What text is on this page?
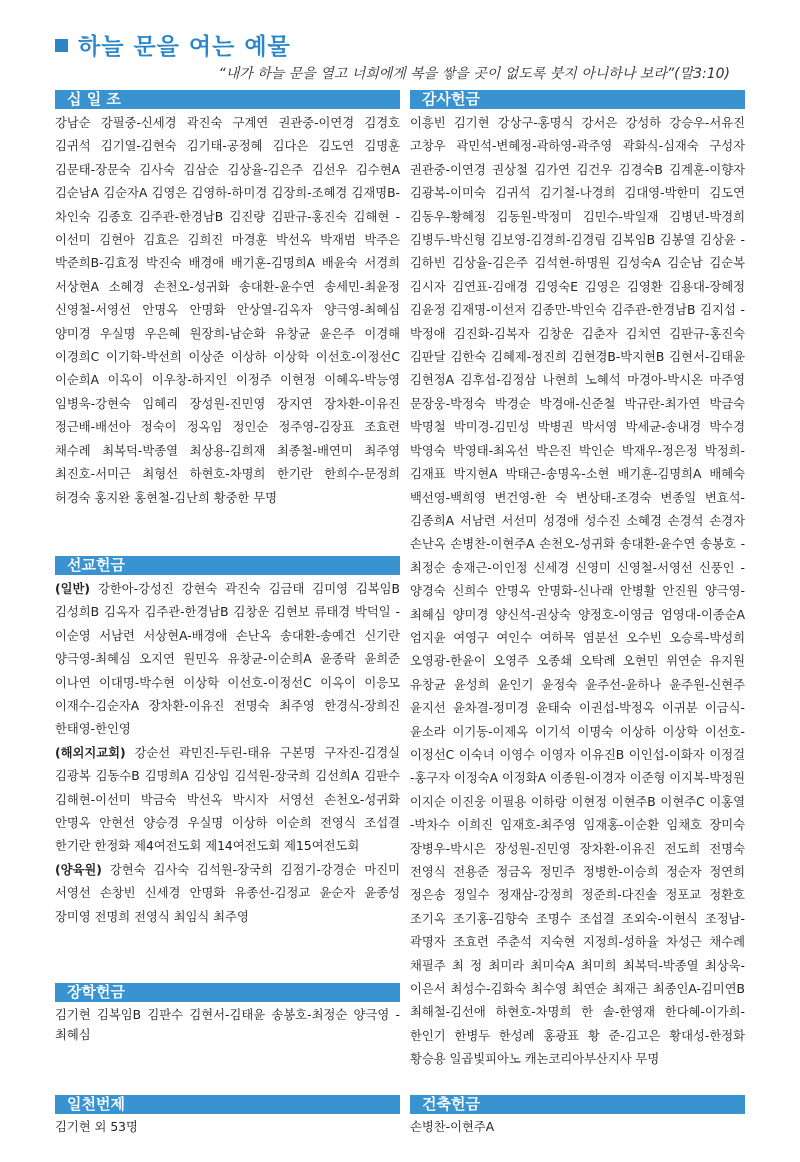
하늘 문을 여는 예물
“내가 하늘 문을 열고 너희에게 복을 쌓을 곳이 없도록 붓지 아니하나 보라”(말3:10)
십 일 조
강남순 강필중-신세경 곽진숙 구계연 권관중-이연경 김경호 김귀석 김기열-김현숙 김기태-공정혜 김다은 김도연 김명훈 김문태-장문숙 김사숙 김삼순 김상율-김은주 김선우 김수현A 김순남A 김순자A 김영은 김영하-하미경 김장희-조혜경 김재명B-차인숙 김종호 김주관-한경남B 김진량 김판규-홍진숙 김해현 -이선미 김현아 김효은 김희진 마경훈 박선옥 박재범 박주은 박준희B-김효정 박진숙 배경애 배기훈-김명희A 배윤숙 서경희 서상현A 소혜경 손천오-성귀화 송대환-윤수연 송세민-최윤정 신영철-서영선 안명옥 안명화 안상열-김옥자 양극영-최혜심 양미경 우실명 우은혜 원장희-남순화 유창균 윤은주 이경해 이경희C 이기학-박선희 이상준 이상하 이상학 이선호-이정선C 이순희A 이옥이 이우창-하지인 이정주 이현정 이혜옥-박능영 임병욱-강현숙 임혜리 장성원-진민영 장지연 장차환-이유진 정근배-배선아 정숙이 정옥임 정인순 정주영-김장표 조효련 채수례 최복덕-박종열 최상용-김희재 최종철-배연미 최주영 최진호-서미근 최형선 하현호-차명희 한기란 한희수-문정희 허경숙 홍지완 홍현철-김난희 황중한 무명
선교헌금
(일반) 강한아-강성진 강현숙 곽진숙 김금태 김미영 김복임B 김성희B 김옥자 김주관-한경남B 김창운 김현보 류태경 박덕일 -이순영 서남련 서상현A-배경애 손난옥 송대환-송예건 신기란 양극영-최혜심 오지연 원민옥 유창균-이순희A 윤종락 윤희준 이나연 이대명-박수현 이상학 이선호-이정선C 이옥이 이응모 이재수-김순자A 장차환-이유진 전명숙 최주영 한경식-장희진 한태영-한인영
(해외지교회) 강순선 곽민진-두린-태유 구본명 구자진-김경실 김광복 김동수B 김명희A 김상임 김석원-장국희 김선희A 김판수 김해현-이선미 박금숙 박선옥 박시자 서영선 손천오-성귀화 안명옥 안현선 양승경 우실명 이상하 이순희 전영식 조섭결 한기란 한정화 제4여전도회 제14여전도회 제15여전도회
(양육원) 강현숙 김사숙 김석원-장국희 김점기-강경순 마진미 서영선 손창빈 신세경 안명화 유종선-김정교 윤순자 윤종성 장미영 전명희 전영식 최임식 최주영
장학헌금
김기현 김복임B 김판수 김현서-김태윤 송봉호-최정순 양극영 -최혜심
일천번제
김기현 외 53명
감사헌금
이흥빈 김기현 강상구-홍명식 강서은 강성하 강승우-서유진 고창우 곽민석-변혜정-곽하영-곽주영 곽화식-심재숙 구성자 권관중-이연경 권상철 김가연 김건우 김경숙B 김계훈-이향자 김광복-이미숙 김귀석 김기철-나경희 김대영-박한미 김도연 김동우-황혜정 김동원-박정미 김민수-박일재 김병년-박경희 김병두-박신형 김보영-김경희-김경림 김복임B 김봉열 김상윤 -김하빈 김상율-김은주 김석현-하명원 김성숙A 김순남 김순복 김시자 김연표-김애경 김영숙E 김영은 김영환 김용대-장혜정 김윤정 김재명-이선저 김종만-박인숙 김주관-한경남B 김지섭 -박정애 김진화-김복자 김창운 김춘자 김치연 김판규-홍진숙 김판달 김한숙 김혜제-정진희 김현경B-박지현B 김현서-김태윤 김현정A 김후섭-김정삼 나현희 노혜석 마경아-박시온 마주영 문장웅-박정숙 박경순 박경애-신준철 박규란-최가연 박금숙 박명철 박미경-김민성 박병권 박서영 박세균-송내경 박수경 박영숙 박영태-최옥선 박은진 박인순 박재우-정은정 박정희-김재표 박지현A 박태근-송명옥-소현 배기훈-김명희A 배혜숙 백선영-백희영 변건영-한 숙 변상태-조경숙 변종일 변효석-김종희A 서남련 서선미 성경애 성수진 소혜경 손경석 손경자 손난옥 손병찬-이현주A 손천오-성귀화 송대환-윤수연 송봉호 -최정순 송재근-이인정 신세경 신영미 신영철-서영선 신풍인 -양경숙 신희수 안명옥 안명화-신나래 안병활 안진원 양극영-최혜심 양미경 양신석-권상숙 양정호-이영금 엄영대-이종순A 엄지윤 여영구 여인수 여하목 염분선 오수빈 오승록-박성희 오영광-한윤이 오영주 오종쇄 오탁례 오현민 위연순 유지원 유창균 윤성희 윤인기 윤정숙 윤주선-윤하나 윤주원-신현주 윤지선 윤차결-정미경 윤태숙 이권섭-박정옥 이귀분 이금식-윤소라 이기동-이제옥 이기석 이명숙 이상하 이상학 이선호-이정선C 이숙녀 이영수 이영자 이유진B 이인섭-이화자 이정걸 -홍구자 이정숙A 이정화A 이종원-이경자 이준형 이지복-박정원 이지순 이진웅 이필용 이하랑 이현정 이현주B 이현주C 이홍열 -박차수 이희진 임재호-최주영 임재홍-이순환 임채호 장미숙 장병우-박시은 장성원-진민영 장차환-이유진 전도희 전명숙 전영식 전용준 정금옥 정민주 정병한-이승희 정순자 정연희 정은송 정일수 정재삼-강정희 정준희-다진솔 정포교 정환호 조기옥 조기홍-김향숙 조명수 조섭결 조외숙-이현식 조정남-곽명자 조효련 주춘석 지숙현 지정희-성하율 차성근 채수례 채필주 최 정 최미라 최미숙A 최미희 최복덕-박종열 최상욱-이은서 최성수-김화숙 최수영 최연순 최재근 최종인A-김미연B 최해철-김선애 하현호-차명희 한 솔-한영재 한다혜-이가희-한인기 한병두 한성례 홍광표 황 준-김고은 황대성-한정화 황승용 일곱빛피아노 캐논코리아부산지사 무명
건축헌금
손병찬-이현주A
